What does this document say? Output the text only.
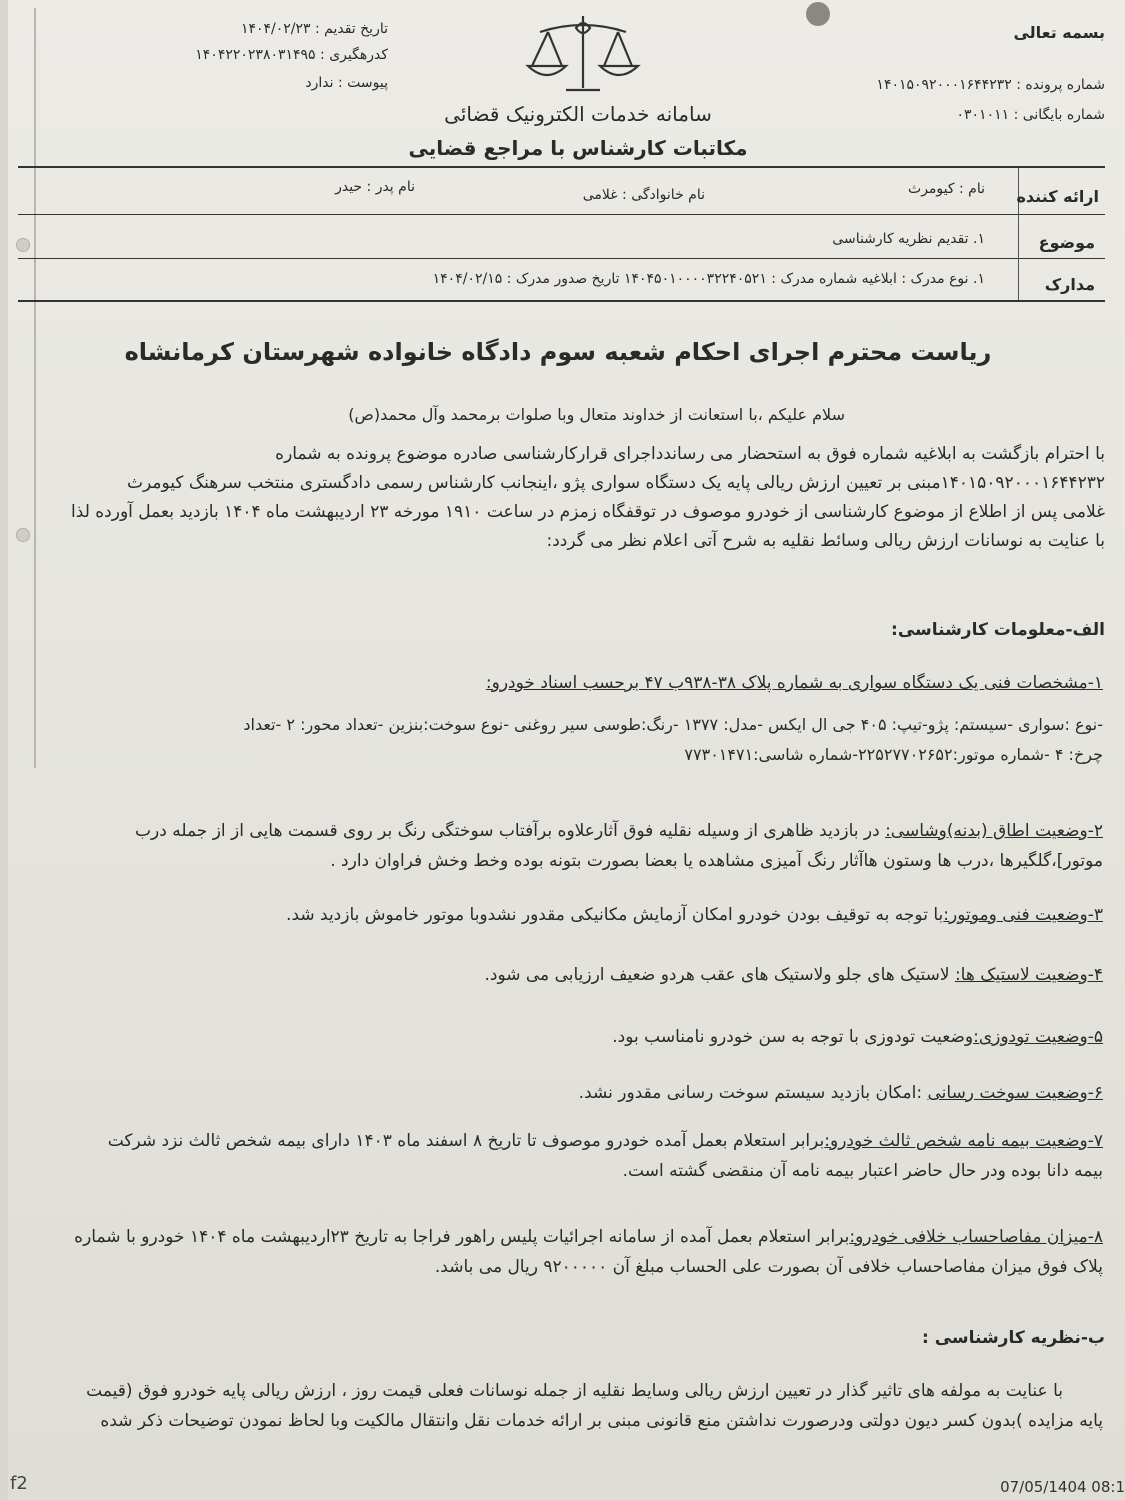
بسمه تعالی
شماره پرونده : ۱۴۰۱۵۰۹۲۰۰۰۱۶۴۴۲۳۲
شماره بایگانی : ۰۳۰۱۰۱۱
تاریخ تقدیم : ۱۴۰۴/۰۲/۲۳
کدرهگیری : ۱۴۰۴۲۲۰۲۳۸۰۳۱۴۹۵
پیوست : ندارد
سامانه خدمات الکترونیک قضائی
مکاتبات کارشناس با مراجع قضایی
ارائه کننده
نام : کیومرث
نام خانوادگی : غلامی
نام پدر : حیدر
موضوع
۱. تقدیم نظریه کارشناسی
مدارک
۱. نوع مدرک : ابلاغیه شماره مدرک : ۱۴۰۴۵۰۱۰۰۰۰۳۲۲۴۰۵۲۱ تاریخ صدور مدرک : ۱۴۰۴/۰۲/۱۵
ریاست محترم اجرای احکام شعبه سوم دادگاه خانواده شهرستان کرمانشاه
سلام علیکم ،با استعانت از خداوند متعال وبا صلوات برمحمد وآل محمد(ص)
با احترام بازگشت به ابلاغیه شماره فوق به استحضار می رساندداجرای قرارکارشناسی صادره موضوع پرونده به شماره
۱۴۰۱۵۰۹۲۰۰۰۱۶۴۴۲۳۲مبنی بر تعیین ارزش ریالی پایه یک دستگاه سواری پژو ،اینجانب کارشناس رسمی دادگستری منتخب سرهنگ کیومرث
غلامی پس از اطلاع از موضوع کارشناسی از خودرو موصوف در توقفگاه زمزم در ساعت ۱۹۱۰ مورخه ۲۳ اردیبهشت ماه ۱۴۰۴ بازدید بعمل آورده لذا
با عنایت به نوسانات ارزش ریالی وسائط نقلیه به شرح آتی اعلام نظر می گردد:
الف-معلومات کارشناسی:
۱-مشخصات فنی یک دستگاه سواری به شماره پلاک ۳۸-۹۳۸ب ۴۷ برحسب اسناد خودرو:
-نوع :سواری -سیستم: پژو-تیپ: ۴۰۵ جی ال ایکس -مدل: ۱۳۷۷ -رنگ:طوسی سیر روغنی -نوع سوخت:بنزین -تعداد محور: ۲ -تعداد
چرخ: ۴ -شماره موتور:۲۲۵۲۷۷۰۲۶۵۲-شماره شاسی:۷۷۳۰۱۴۷۱
۲-وضعیت اطاق (بدنه)وشاسی: در بازدید ظاهری از وسیله نقلیه فوق آثارعلاوه برآفتاب سوختگی رنگ بر روی قسمت هایی از از جمله درب
موتور]،گلگیرها ،درب ها وستون هاآثار رنگ آمیزی مشاهده یا بعضا بصورت بتونه بوده وخط وخش فراوان دارد .
۳-وضعیت فنی وموتور:با توجه به توقیف بودن خودرو امکان آزمایش مکانیکی مقدور نشدوبا موتور خاموش بازدید شد.
۴-وضعیت لاستیک ها: لاستیک های جلو ولاستیک های عقب هردو ضعیف ارزیابی می شود.
۵-وضعیت تودوزی:وضعیت تودوزی با توجه به سن خودرو نامناسب بود.
۶-وضعیت سوخت رسانی :امکان بازدید سیستم سوخت رسانی مقدور نشد.
۷-وضعیت بیمه نامه شخص ثالث خودرو:برابر استعلام بعمل آمده خودرو موصوف تا تاریخ ۸ اسفند ماه ۱۴۰۳ دارای بیمه شخص ثالث نزد شرکت
بیمه دانا بوده ودر حال حاضر اعتبار بیمه نامه آن منقضی گشته است.
۸-میزان مفاصاحساب خلافی خودرو:برابر استعلام بعمل آمده از سامانه اجرائیات پلیس راهور فراجا به تاریخ ۲۳اردیبهشت ماه ۱۴۰۴ خودرو با شماره
پلاک فوق میزان مفاصاحساب خلافی آن بصورت علی الحساب مبلغ آن ۹۲۰۰۰۰۰ ریال می باشد.
ب-نظریه کارشناسی :
با عنایت به مولفه های تاثیر گذار در تعیین ارزش ریالی وسایط نقلیه از جمله نوسانات فعلی قیمت روز ، ارزش ریالی پایه خودرو فوق (قیمت
پایه مزایده )بدون کسر دیون دولتی ودرصورت نداشتن منع قانونی مبنی بر ارائه خدمات نقل وانتقال مالکیت وبا لحاظ نمودن توضیحات ذکر شده
f2	07/05/1404 08:1
